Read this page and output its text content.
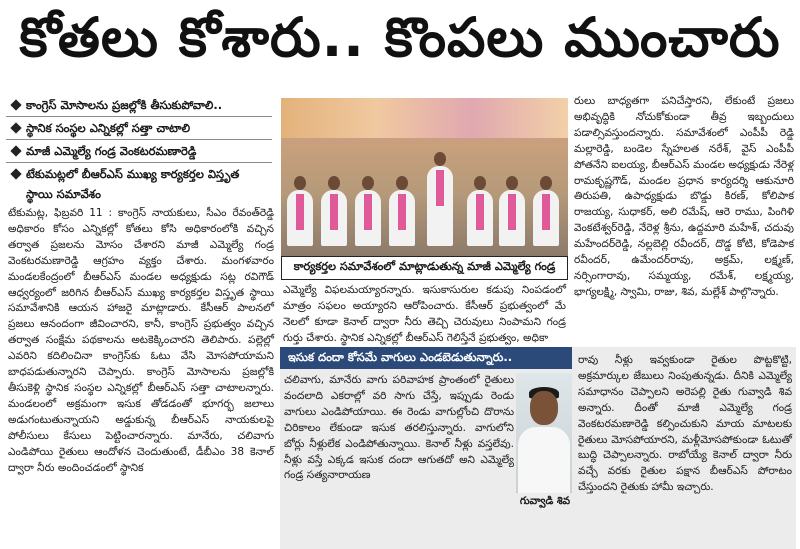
కోతలు కోశారు.. కొంపలు ముంచారు
కాంగ్రెస్ మోసాలను ప్రజల్లోకి తీసుకుపోవాలి..
స్థానిక సంస్థల ఎన్నికల్లో సత్తా చాటాలి
మాజీ ఎమ్మెల్యే గండ్ర వెంకటరమణారెడ్డి
టేకుమట్లలో బీఆర్ఎస్ ముఖ్య కార్యకర్తల విస్తృత స్థాయి సమావేశం
టేకుమట్ల, ఫిబ్రవరి 11 : కాంగ్రెస్ నాయకులు, సీఎం రేవంత్‌రెడ్డి అధికారం కోసం ఎన్నికల్లో కోతలు కోసి అధికారంలోకి వచ్చిన తర్వాత ప్రజలను మోసం చేశారని మాజీ ఎమ్మెల్యే గండ్ర వెంకటరమణారెడ్డి ఆగ్రహం వ్యక్తం చేశారు. మంగళవారం మండలకేంద్రంలో బీఆర్ఎస్ మండల అధ్యక్షుడు సట్ల రవిగౌడ్ ఆధ్వర్యంలో జరిగిన బీఆర్ఎస్ ముఖ్య కార్యకర్తల విస్తృత స్థాయి సమావేశానికి ఆయన హాజరై మాట్లాడారు. కేసీఆర్ పాలనలో ప్రజలు ఆనందంగా జీవించారని, కానీ, కాంగ్రెస్ ప్రభుత్వం వచ్చిన తర్వాత సంక్షేమ పథకాలను అటకెక్కించారని తెలిపారు. పల్లెల్లో ఎవరిని కదిలించినా కాంగ్రెస్‌కు ఓటు వేసి మోసపోయామని బాధపడుతున్నారని చెప్పారు. కాంగ్రెస్ మోసాలను ప్రజల్లోకి తీసుకెళ్లి స్థానిక సంస్థల ఎన్నికల్లో బీఆర్ఎస్ సత్తా చాటాలన్నారు. మండలంలో అక్రమంగా ఇసుక తోడడంతో భూగర్భ జలాలు అడుగంటుతున్నాయని అడ్డుకున్న బీఆర్ఎస్ నాయకులపై పోలీసులు కేసులు పెట్టించారన్నారు. మానేరు, చలివాగు ఎండిపోయి రైతులు ఆందోళన చెందుతుంటే, డీబీఎం 38 కెనాల్ ద్వారా నీరు అందించడంలో స్థానిక
కార్యకర్తల సమావేశంలో మాట్లాడుతున్న మాజీ ఎమ్మెల్యే గండ్ర
ఎమ్మెల్యే విఫలమయ్యారన్నారు. ఇసుకాసురుల కడుపు నింపడంలో మాత్రం సఫలం అయ్యారని ఆరోపించారు. కేసీఆర్ ప్రభుత్వంలో మే నెలలో కూడా కెనాల్ ద్వారా నీరు తెచ్చి చెరువులు నింపామని గండ్ర గుర్తు చేశారు. స్థానిక ఎన్నికల్లో బీఆర్ఎస్ గెలిస్తేనే ప్రభుత్వం, అధికా
రులు బాధ్యతగా పనిచేస్తారని, లేకుంటే ప్రజలు అభివృద్ధికి నోచుకోకుండా తీవ్ర ఇబ్బందులు పడాల్సివస్తుందన్నారు. సమావేశంలో ఎంపీపీ రెడ్డి మల్లారెడ్డి, బండెల స్నేహలత నరేశ్, వైస్ ఎంపీపీ పోతనేని ఐలయ్య, బీఆర్ఎస్ మండల అధ్యక్షుడు నేరెళ్ల రామకృష్ణగౌడ్, మండల ప్రధాన కార్యదర్శి ఆకునూరి తిరుపతి, ఉపాధ్యక్షుడు బొడ్డు కిరణ్, కోలిపాక రాజయ్య, సుధాకర్, అలి రమేష్, ఆరె రాము, పింగిళి వెంకటేశ్వర్‌రెడ్డి, నేరెళ్ల శ్రీను, ఉద్దమారి మహేశ్, చదువు మహేందర్‌రెడ్డి, నల్లబెల్లి రవీందర్, దొడ్డ కోటి, కోడెపాక రవీందర్, ఉమేందర్‌రావు, అక్రమ్, లక్ష్మణ్, నర్సింగారావు, సమ్మయ్య, రమేశ్, లక్ష్మయ్య, భాగ్యలక్ష్మి, స్వామి, రాజు, శివ, మల్లేశ్ పాల్గొన్నారు.
ఇసుక దందా కోసమే వాగులు ఎండబెడుతున్నారు..
చలివాగు, మానేరు వాగు పరివాహక ప్రాంతంలో రైతులు వందలాది ఎకరాల్లో వరి సాగు చేస్తే, ఇప్పుడు రెండు వాగులు ఎండిపోయాయి. ఈ రెండు వాగుల్లోంచి దొరాను చిరికాలం లేకుండా ఇసుక తరలిస్తున్నారు. వాగులోని బోర్లు నీళ్లులేక ఎండిపోతున్నాయి. కెనాల్ నీళ్లు వస్తలేవు. నీళ్లు వస్తే ఎక్కడ ఇసుక దందా ఆగుతదో అని ఎమ్మెల్యే గండ్ర సత్యనారాయణ
గువ్వాడి శివ
రావు నీళ్లు ఇవ్వకుండా రైతుల పొట్టకొట్టి, అక్రమార్కుల జేబులు నింపుతున్నడు. దీనికి ఎమ్మెల్యే సమాధానం చెప్పాలని అరెపల్లి రైతు గువ్వాడి శివ అన్నారు. దీంతో మాజీ ఎమ్మెల్యే గండ్ర వెంకటరమణారెడ్డి కల్పించుకుని మాయ మాటలకు రైతులు మోసపోయారని, మళ్లీమోసపోకుండా ఓటుతో బుద్ధి చెప్పాలన్నారు. రాబోయ్యే కెనాల్ ద్వారా నీరు వచ్చే వరకు రైతుల పక్షాన బీఆర్ఎస్ పోరాటం చేస్తుందని రైతుకు హామీ ఇచ్చారు.
